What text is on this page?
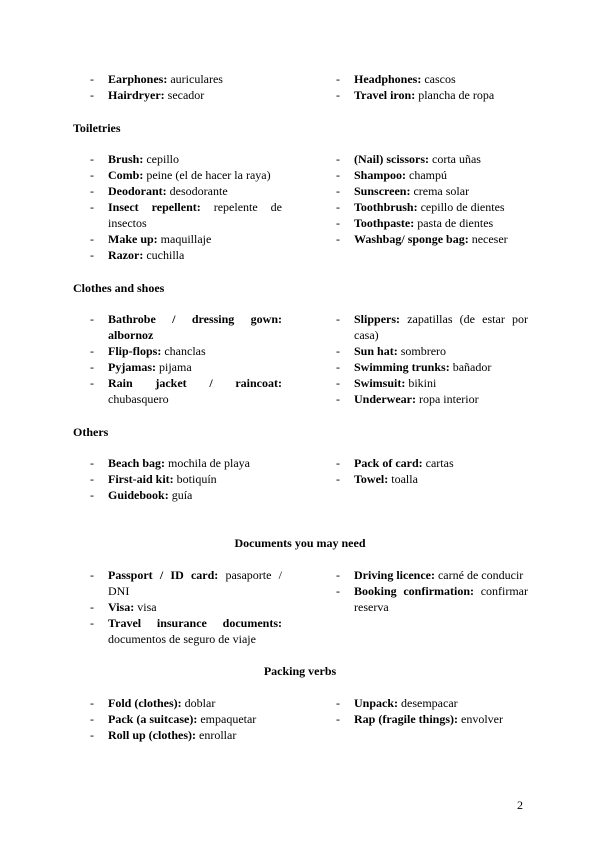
- Earphones: auriculares
- Hairdryer: secador
- Headphones: cascos
- Travel iron: plancha de ropa
Toiletries
- Brush: cepillo
- Comb: peine (el de hacer la raya)
- Deodorant: desodorante
- Insect repellent: repelente de insectos
- Make up: maquillaje
- Razor: cuchilla
- (Nail) scissors: corta uñas
- Shampoo: champú
- Sunscreen: crema solar
- Toothbrush: cepillo de dientes
- Toothpaste: pasta de dientes
- Washbag/ sponge bag: neceser
Clothes and shoes
- Bathrobe / dressing gown: albornoz
- Flip-flops: chanclas
- Pyjamas: pijama
- Rain jacket / raincoat: chubasquero
- Slippers: zapatillas (de estar por casa)
- Sun hat: sombrero
- Swimming trunks: bañador
- Swimsuit: bikini
- Underwear: ropa interior
Others
- Beach bag: mochila de playa
- First-aid kit: botiquín
- Guidebook: guía
- Pack of card: cartas
- Towel: toalla
Documents you may need
- Passport / ID card: pasaporte / DNI
- Visa: visa
- Travel insurance documents: documentos de seguro de viaje
- Driving licence: carné de conducir
- Booking confirmation: confirmar reserva
Packing verbs
- Fold (clothes): doblar
- Pack (a suitcase): empaquetar
- Roll up (clothes): enrollar
- Unpack: desempacar
- Rap (fragile things): envolver
2
